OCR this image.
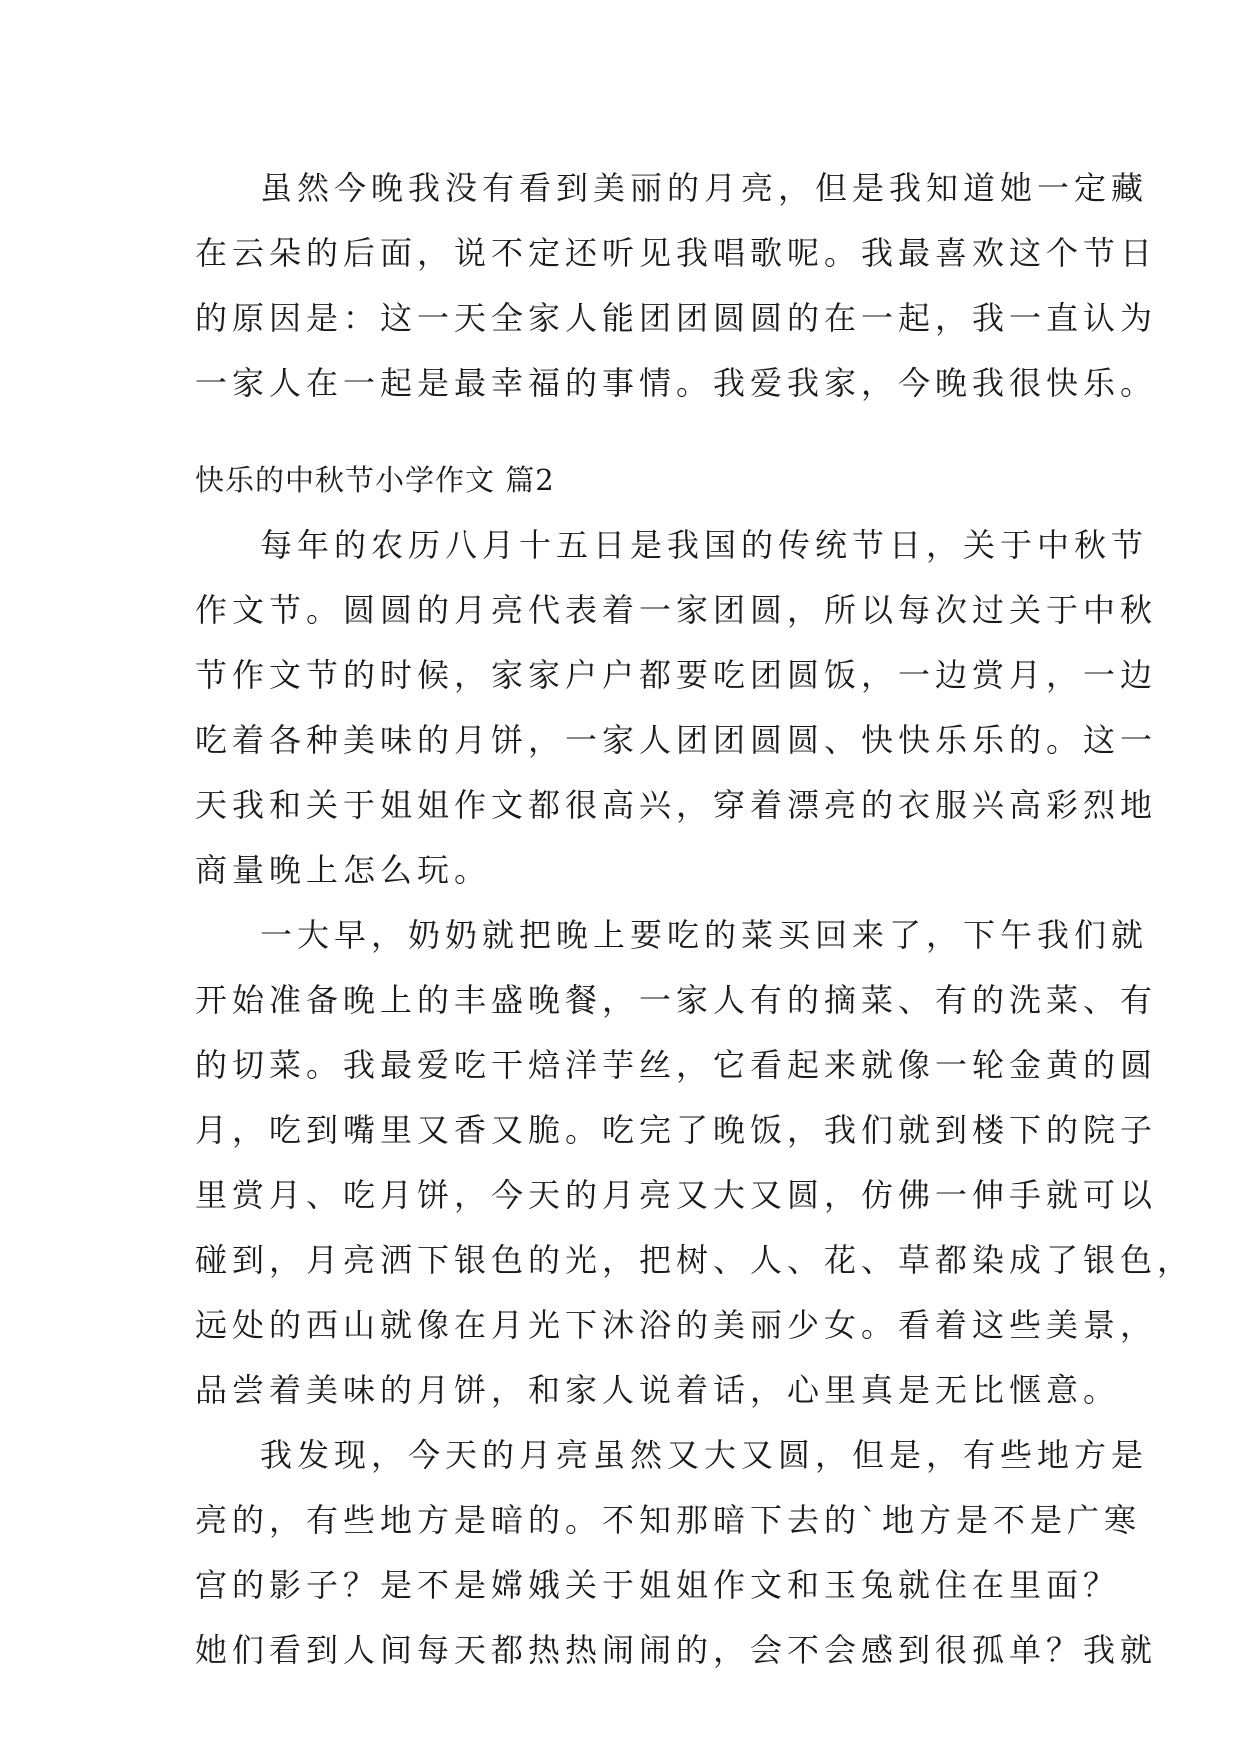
虽然今晚我没有看到美丽的月亮，但是我知道她一定藏
在云朵的后面，说不定还听见我唱歌呢。我最喜欢这个节日
的原因是：这一天全家人能团团圆圆的在一起，我一直认为
一家人在一起是最幸福的事情。我爱我家，今晚我很快乐。
快乐的中秋节小学作文 篇2
每年的农历八月十五日是我国的传统节日，关于中秋节
作文节。圆圆的月亮代表着一家团圆，所以每次过关于中秋
节作文节的时候，家家户户都要吃团圆饭，一边赏月，一边
吃着各种美味的月饼，一家人团团圆圆、快快乐乐的。这一
天我和关于姐姐作文都很高兴，穿着漂亮的衣服兴高彩烈地
商量晚上怎么玩。
一大早，奶奶就把晚上要吃的菜买回来了，下午我们就
开始准备晚上的丰盛晚餐，一家人有的摘菜、有的洗菜、有
的切菜。我最爱吃干焙洋芋丝，它看起来就像一轮金黄的圆
月，吃到嘴里又香又脆。吃完了晚饭，我们就到楼下的院子
里赏月、吃月饼，今天的月亮又大又圆，仿佛一伸手就可以
碰到，月亮洒下银色的光，把树、人、花、草都染成了银色，
远处的西山就像在月光下沐浴的美丽少女。看着这些美景，
品尝着美味的月饼，和家人说着话，心里真是无比惬意。
我发现，今天的月亮虽然又大又圆，但是，有些地方是
亮的，有些地方是暗的。不知那暗下去的`地方是不是广寒
宫的影子？是不是嫦娥关于姐姐作文和玉兔就住在里面？
她们看到人间每天都热热闹闹的，会不会感到很孤单？我就
